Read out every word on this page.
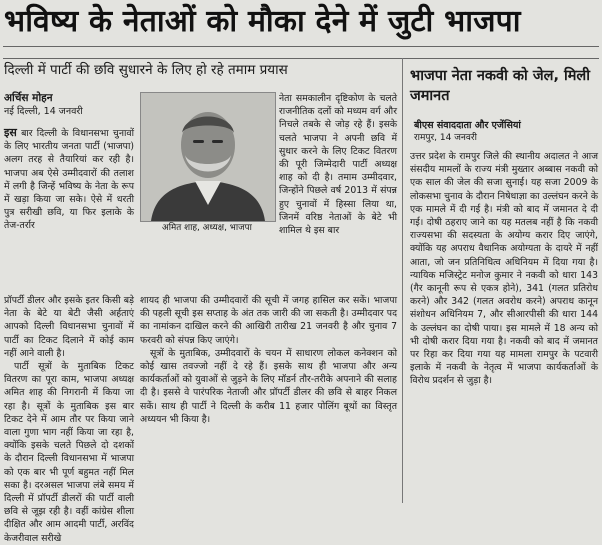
भविष्य के नेताओं को मौका देने में जुटी भाजपा
दिल्ली में पार्टी की छवि सुधारने के लिए हो रहे तमाम प्रयास
अर्चिस मोहन
नई दिल्ली, 14 जनवरी

इस बार दिल्ली के विधानसभा चुनावों के लिए भारतीय जनता पार्टी (भाजपा) अलग तरह से तैयारियां कर रही है। भाजपा अब ऐसे उम्मीदवारों की तलाश में लगी है जिन्हें भविष्य के नेता के रूप में खड़ा किया जा सके। ऐसे में धरती पुत्र सरीखी छवि, या फिर इलाके के तेज-तर्रार	अमित शाह, अध्यक्ष, भाजपा

नेता समकालीन दृष्टिकोण के चलते राजनीतिक दलों को मध्यम वर्ग और निचले तबके से जोड़ रहे हैं। इसके चलते भाजपा ने अपनी छवि में सुधार करने के लिए टिकट वितरण की पूरी जिम्मेदारी पार्टी अध्यक्ष शाह को दी है। तमाम उम्मीदवार, जिन्होंने पिछले वर्ष 2013 में संपन्न हुए चुनावों में हिस्सा लिया था, जिनमें वरिष्ठ नेताओं के बेटे भी शामिल थे इस बार

प्रॉपर्टी डीलर और इसके इतर किसी बड़े नेता के बेटे या बेटी जैसी अर्हताएं आपको दिल्ली विधानसभा चुनावों में पार्टी का टिकट दिलाने में कोई काम नहीं आने वाली है।

पार्टी सूत्रों के मुताबिक टिकट वितरण का पूरा काम, भाजपा अध्यक्ष अमित शाह की निगरानी में किया जा रहा है। सूत्रों के मुताबिक इस बार टिकट देने में आम तौर पर किया जाने वाला गुणा भाग नहीं किया जा रहा है, क्योंकि इसके चलते पिछले दो दशकों के दौरान दिल्ली विधानसभा में भाजपा को एक बार भी पूर्ण बहुमत नहीं मिल सका है। दरअसल भाजपा लंबे समय में दिल्ली में प्रॉपर्टी डीलरों की पार्टी वाली छवि से जूझ रही है। वहीं कांग्रेस शीला दीक्षित और आम आदमी पार्टी, अरविंद केजरीवाल सरीखे

शायद ही भाजपा की उम्मीदवारों की सूची में जगह हासिल कर सकें। भाजपा की पहली सूची इस सप्ताह के अंत तक जारी की जा सकती है। उम्मीदवार पद का नामांकन दाखिल करने की आखिरी तारीख 21 जनवरी है और चुनाव 7 फरवरी को संपन्न किए जाएंगे।

सूत्रों के मुताबिक, उम्मीदवारों के चयन में साधारण लोकल कनेक्शन को कोई खास तवज्जो नहीं दे रहे हैं। इसके साथ ही भाजपा और अन्य कार्यकर्ताओं को युवाओं से जुड़ने के लिए मॉडर्न तौर-तरीके अपनाने की सलाह दी है। इससे वे पारंपरिक नेताजी और प्रॉपर्टी डीलर की छवि से बाहर निकल सकें। साथ ही पार्टी ने दिल्ली के करीब 11 हजार पोलिंग बूथों का विस्तृत अध्ययन भी किया है।

भाजपा नेता नकवी को जेल, मिली जमानत
बीएस संवाददाता और एजेंसियां
रामपुर, 14 जनवरी

उत्तर प्रदेश के रामपुर जिले की स्थानीय अदालत ने आज संसदीय मामलों के राज्य मंत्री मुख्तार अब्बास नकवी को एक साल की जेल की सजा सुनाई। यह सजा 2009 के लोकसभा चुनाव के दौरान निषेधाज्ञा का उल्लंघन करने के एक मामले में दी गई है। मंत्री को बाद में जमानत दे दी गई। दोषी ठहराए जाने का यह मतलब नहीं है कि नकवी राज्यसभा की सदस्यता के अयोग्य करार दिए जाएंगे, क्योंकि यह अपराध वैधानिक अयोग्यता के दायरे में नहीं आता, जो जन प्रतिनिधित्व अधिनियम में दिया गया है। न्यायिक मजिस्ट्रेट मनोज कुमार ने नकवी को धारा 143 (गैर कानूनी रूप से एकत्र होने), 341 (गलत प्रतिरोध करने) और 342 (गलत अवरोध करने) अपराध कानून संशोधन अधिनियम 7, और सीआरपीसी की धारा 144 के उल्लंघन का दोषी पाया। इस मामले में 18 अन्य को भी दोषी करार दिया गया है। नकवी को बाद में जमानत पर रिहा कर दिया गया यह मामला रामपुर के पटवारी इलाके में नकवी के नेतृत्व में भाजपा कार्यकर्ताओं के विरोध प्रदर्शन से जुड़ा है।
